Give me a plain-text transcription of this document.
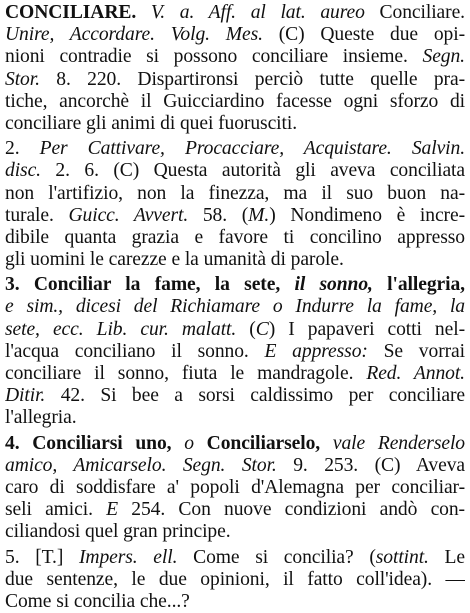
CONCILIARE. V. a. Aff. al lat. aureo Conciliare.
Unire, Accordare. Volg. Mes. (C) Queste due opi-
nioni contradie si possono conciliare insieme. Segn.
Stor. 8. 220. Dispartironsi perciò tutte quelle pra-
tiche, ancorchè il Guicciardino facesse ogni sforzo di
conciliare gli animi di quei fuorusciti.
2. Per Cattivare, Procacciare, Acquistare. Salvin.
disc. 2. 6. (C) Questa autorità gli aveva conciliata
non l'artifizio, non la finezza, ma il suo buon na-
turale. Guicc. Avvert. 58. (M.) Nondimeno è incre-
dibile quanta grazia e favore ti concilino appresso
gli uomini le carezze e la umanità di parole.
3. Conciliar la fame, la sete, il sonno, l'allegria,
e sim., dicesi del Richiamare o Indurre la fame, la
sete, ecc. Lib. cur. malatt. (C) I papaveri cotti nel-
l'acqua conciliano il sonno. E appresso: Se vorrai
conciliare il sonno, fiuta le mandragole. Red. Annot.
Ditir. 42. Si bee a sorsi caldissimo per conciliare
l'allegria.
4. Conciliarsi uno, o Conciliarselo, vale Renderselo
amico, Amicarselo. Segn. Stor. 9. 253. (C) Aveva
caro di soddisfare a' popoli d'Alemagna per conciliar-
seli amici. E 254. Con nuove condizioni andò con-
ciliandosi quel gran principe.
5. [T.] Impers. ell. Come si concilia? (sottint. Le
due sentenze, le due opinioni, il fatto coll'idea). —
Come si concilia che...?
